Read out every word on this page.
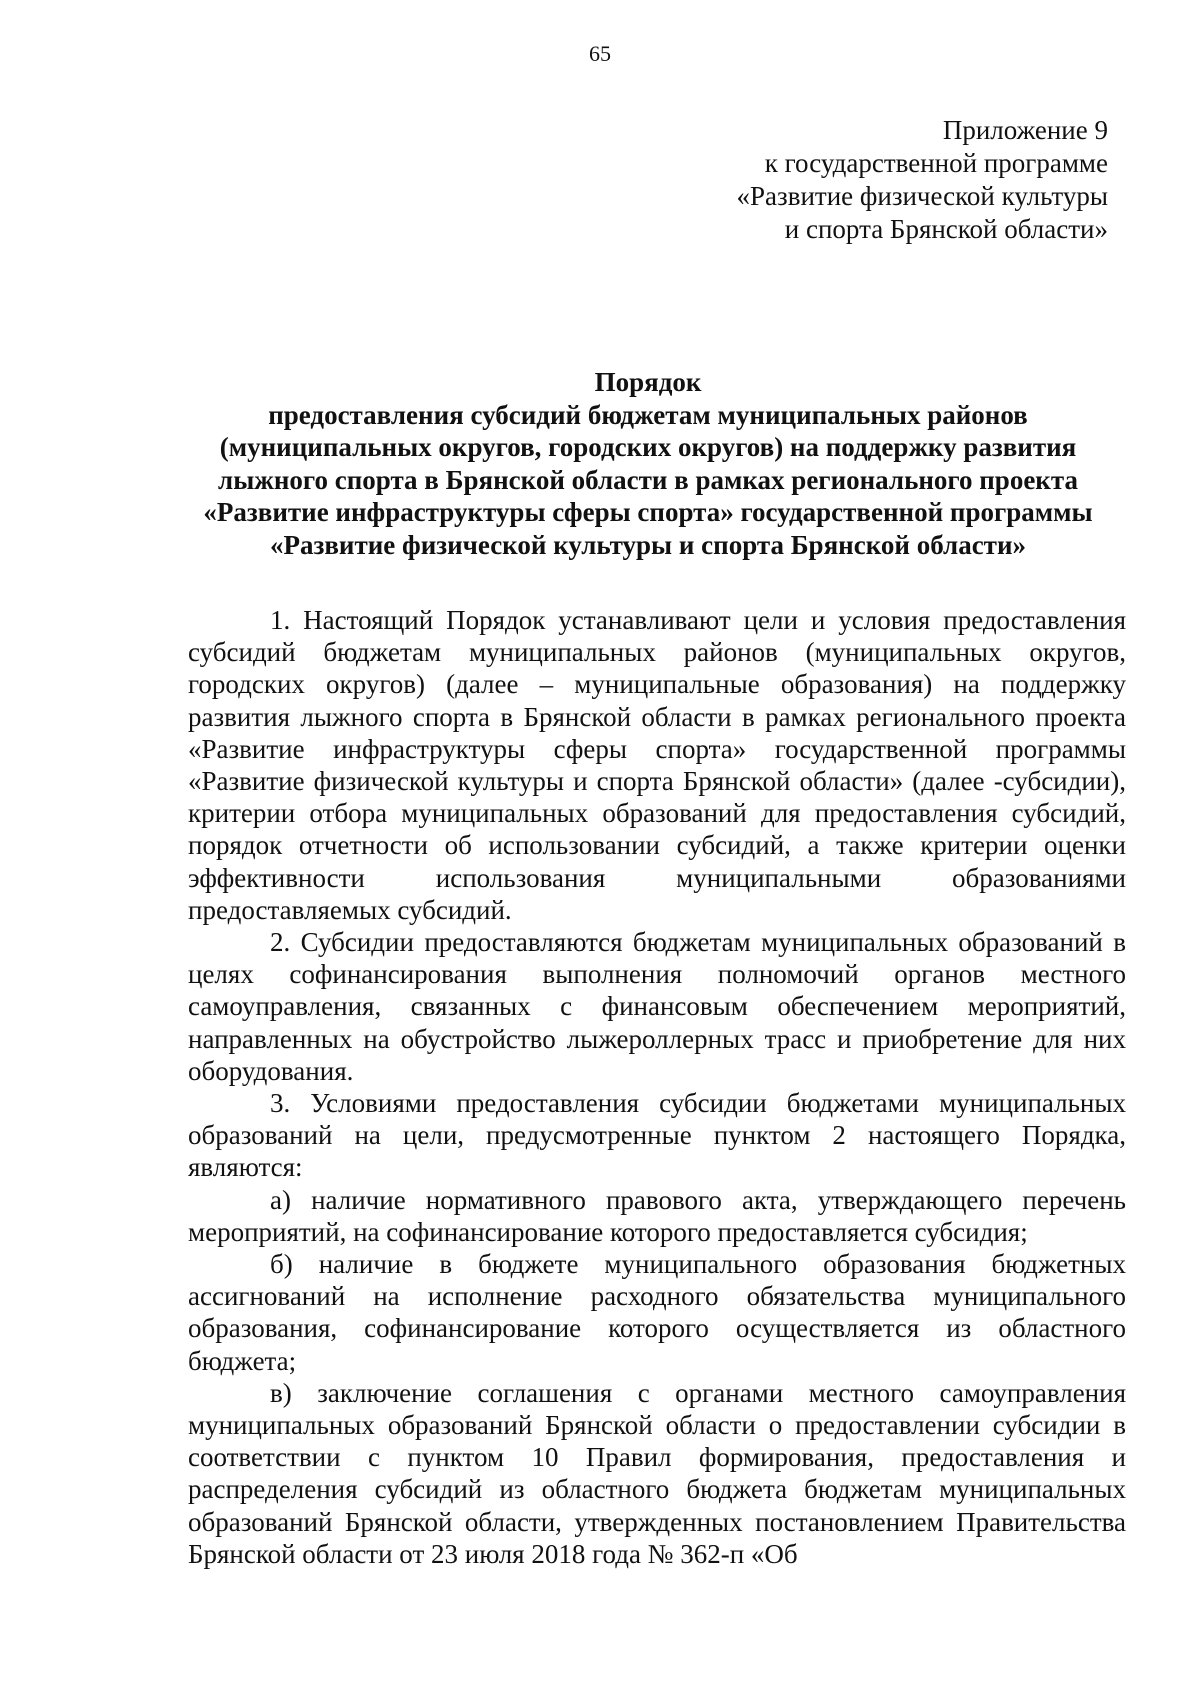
65
Приложение 9
к государственной программе
«Развитие физической культуры
и спорта Брянской области»
Порядок
предоставления субсидий бюджетам муниципальных районов
(муниципальных округов, городских округов) на поддержку развития
лыжного спорта в Брянской области в рамках регионального проекта
«Развитие инфраструктуры сферы спорта» государственной программы
«Развитие физической культуры и спорта Брянской области»

1. Настоящий Порядок устанавливают цели и условия предоставления субсидий бюджетам муниципальных районов (муниципальных округов, городских округов) (далее – муниципальные образования) на поддержку развития лыжного спорта в Брянской области в рамках регионального проекта «Развитие инфраструктуры сферы спорта» государственной программы «Развитие физической культуры и спорта Брянской области» (далее -субсидии), критерии отбора муниципальных образований для предоставления субсидий, порядок отчетности об использовании субсидий, а также критерии оценки эффективности использования муниципальными образованиями предоставляемых субсидий.

2. Субсидии предоставляются бюджетам муниципальных образований в целях софинансирования выполнения полномочий органов местного самоуправления, связанных с финансовым обеспечением мероприятий, направленных на обустройство лыжероллерных трасс и приобретение для них оборудования.

3. Условиями предоставления субсидии бюджетами муниципальных образований на цели, предусмотренные пунктом 2 настоящего Порядка, являются:

а) наличие нормативного правового акта, утверждающего перечень мероприятий, на софинансирование которого предоставляется субсидия;

б) наличие в бюджете муниципального образования бюджетных ассигнований на исполнение расходного обязательства муниципального образования, софинансирование которого осуществляется из областного бюджета;

в) заключение соглашения с органами местного самоуправления муниципальных образований Брянской области о предоставлении субсидии в соответствии с пунктом 10 Правил формирования, предоставления и распределения субсидий из областного бюджета бюджетам муниципальных образований Брянской области, утвержденных постановлением Правительства Брянской области от 23 июля 2018 года № 362-п «Об
